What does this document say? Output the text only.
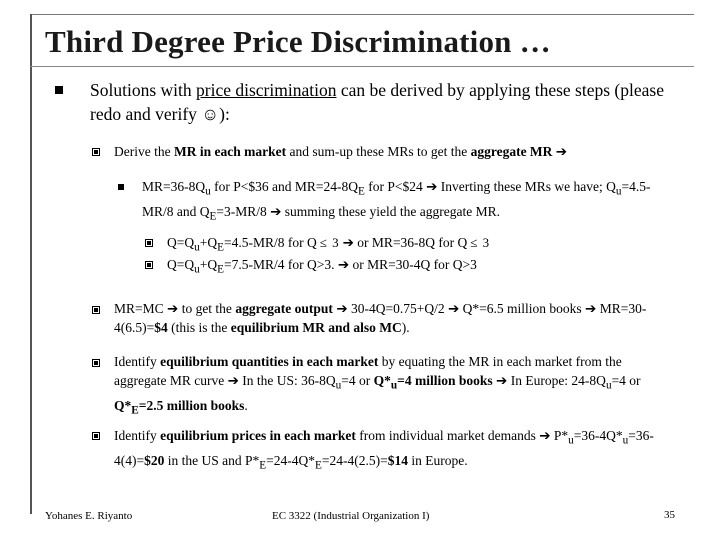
Third Degree Price Discrimination …
Solutions with price discrimination can be derived by applying these steps (please redo and verify ☺):
Derive the MR in each market and sum-up these MRs to get the aggregate MR ➔
$MR=36-8Q_u$ for P<$36 and $MR=24-8Q_E$ for P<$24 ➔ Inverting these MRs we have; $Q_u=4.5-MR/8$ and $Q_E=3-MR/8$ ➔ summing these yield the aggregate MR.
$Q=Q_u+Q_E=4.5-MR/8$ for Q ≤ 3 ➔ or MR=36-8Q for Q ≤ 3
$Q=Q_u+Q_E=7.5-MR/4$ for Q>3. ➔ or MR=30-4Q for Q>3
MR=MC ➔ to get the aggregate output ➔ 30-4Q=0.75+Q/2 ➔ Q*=6.5 million books ➔ MR=30-4(6.5)=$4 (this is the equilibrium MR and also MC).
Identify equilibrium quantities in each market by equating the MR in each market from the aggregate MR curve ➔ In the US: $36-8Q_u=4$ or $Q*_u=4$ million books ➔ In Europe: $24-8Q_u=4$ or $Q*_E=2.5$ million books.
Identify equilibrium prices in each market from individual market demands ➔ $P*_u=36-4Q*_u=36-4(4)=\$20$ in the US and $P*_E=24-4Q*_E=24-4(2.5)=\$14$ in Europe.
Yohanes E. Riyanto	EC 3322 (Industrial Organization I)	35
